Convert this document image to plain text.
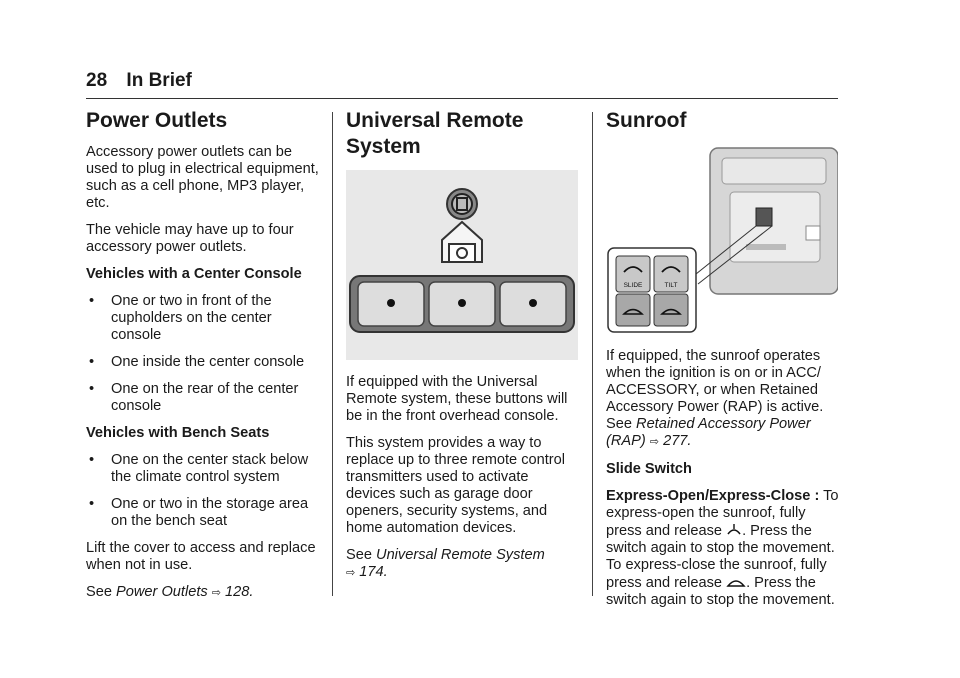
28 In Brief
Power Outlets

Accessory power outlets can be used to plug in electrical equipment, such as a cell phone, MP3 player, etc.

The vehicle may have up to four accessory power outlets.

Vehicles with a Center Console
• One or two in front of the cupholders on the center console
• One inside the center console
• One on the rear of the center console
Vehicles with Bench Seats
• One on the center stack below the climate control system
• One or two in the storage area on the bench seat

Lift the cover to access and replace when not in use.

See Power Outlets ⇨ 128.

Universal Remote System

If equipped with the Universal Remote system, these buttons will be in the front overhead console.

This system provides a way to replace up to three remote control transmitters used to activate devices such as garage door openers, security systems, and home automation devices.

See Universal Remote System
⇨ 174.

Sunroof
SLIDE	TILT

If equipped, the sunroof operates when the ignition is on or in ACC/ ACCESSORY, or when Retained Accessory Power (RAP) is active. See Retained Accessory Power (RAP) ⇨ 277.

Slide Switch

Express-Open/Express-Close : To express-open the sunroof, fully press and release . Press the switch again to stop the movement. To express-close the sunroof, fully press and release . Press the switch again to stop the movement.
